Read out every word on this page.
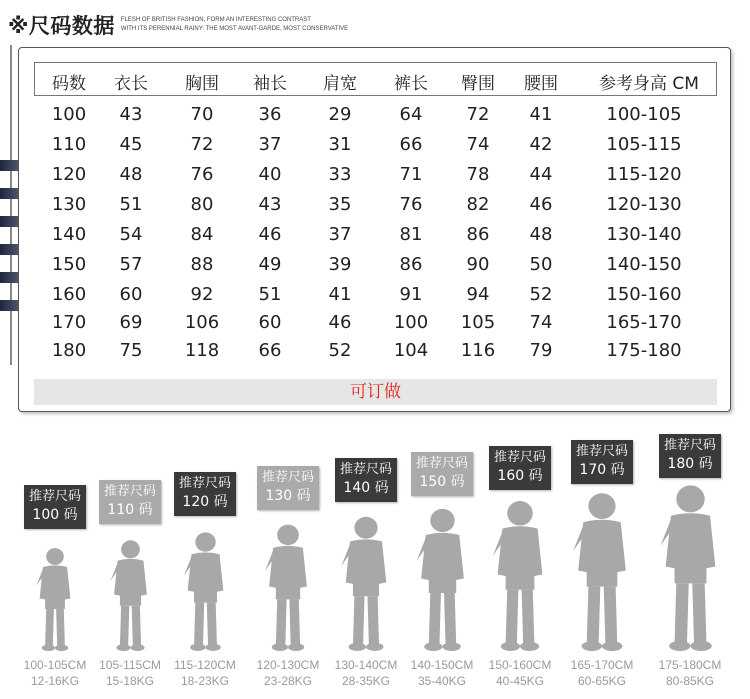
※尺码数据 FLESH OF BRITISH FASHION, FORM AN INTERESTING CONTRAST
WITH ITS PERENNIAL RAINY: THE MOST AVANT-GARDE, MOST CONSERVATIVE
码数	衣长	胸围	袖长	肩宽	裤长	臀围	腰围	参考身高 CM
100	43	70	36	29	64	72	41	100-105
110	45	72	37	31	66	74	42	105-115
120	48	76	40	33	71	78	44	115-120
130	51	80	43	35	76	82	46	120-130
140	54	84	46	37	81	86	48	130-140
150	57	88	49	39	86	90	50	140-150
160	60	92	51	41	91	94	52	150-160
170	69	106	60	46	100	105	74	165-170
180	75	118	66	52	104	116	79	175-180
可订做
推荐尺码
100 码
100-105CM
12-16KG
推荐尺码
110 码
105-115CM
15-18KG
推荐尺码
120 码
115-120CM
18-23KG
推荐尺码
130 码
120-130CM
23-28KG
推荐尺码
140 码
130-140CM
28-35KG
推荐尺码
150 码
140-150CM
35-40KG
推荐尺码
160 码
150-160CM
40-45KG
推荐尺码
170 码
165-170CM
60-65KG
推荐尺码
180 码
175-180CM
80-85KG
